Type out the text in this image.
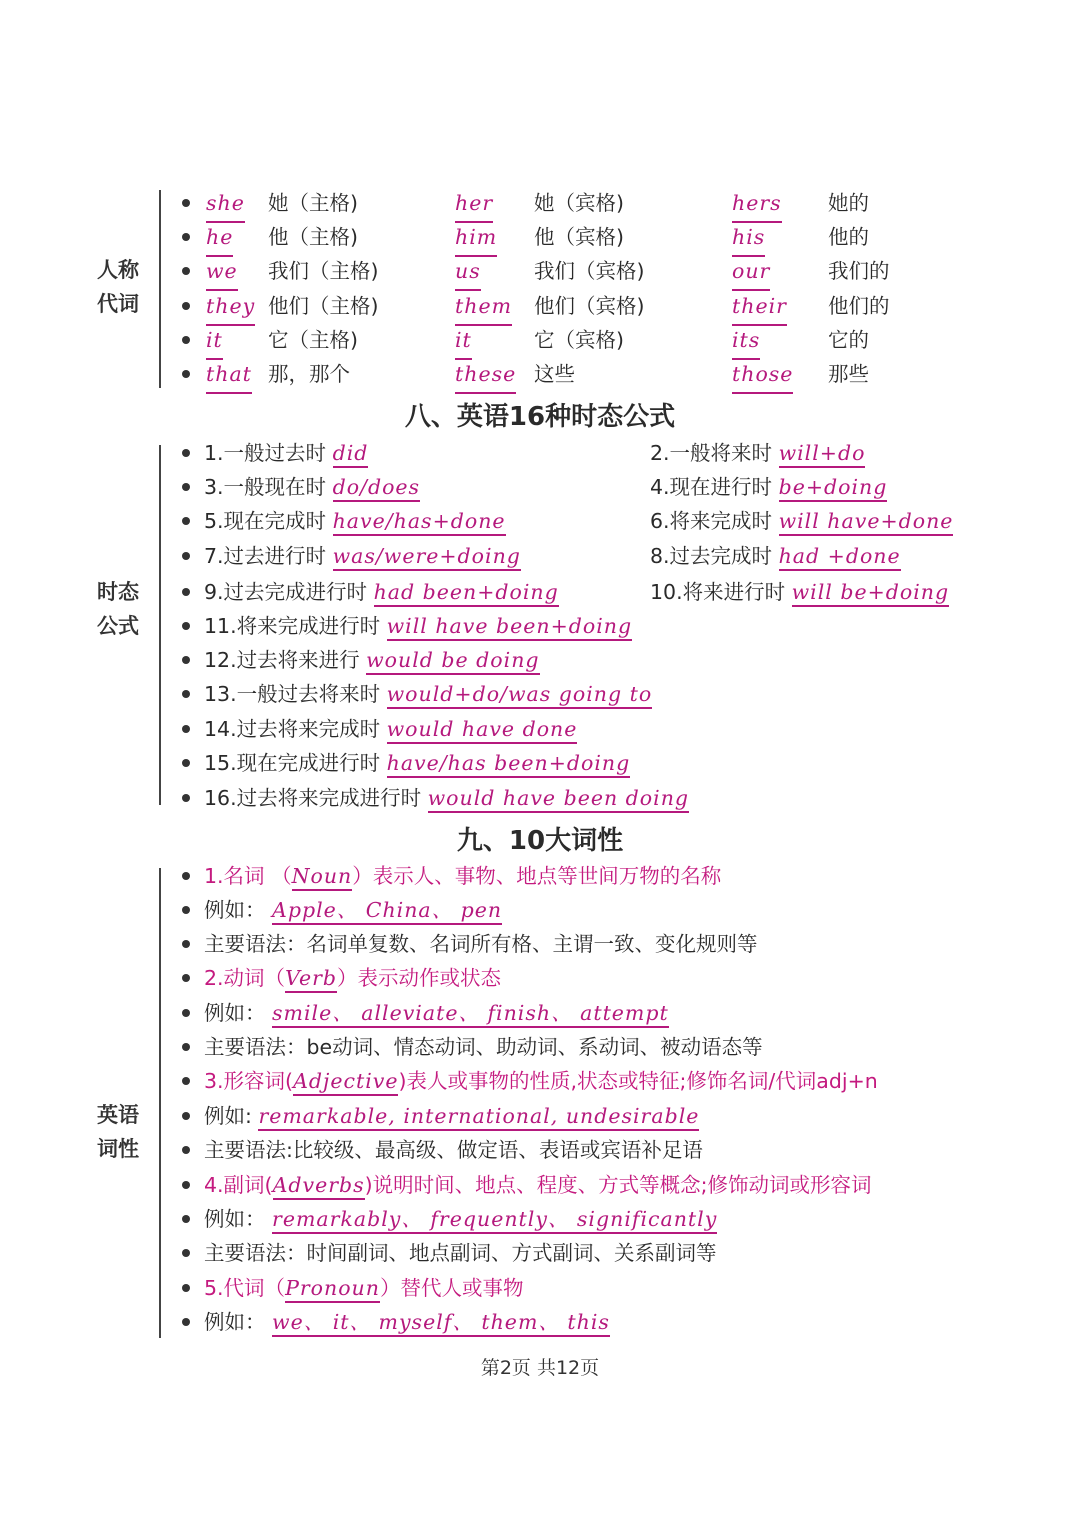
人称
代词
八、英语16种时态公式
时态
公式
九、10大词性
英语
词性
she 她（主格)	her 她（宾格)	hers 她的
he 他（主格)	him 他（宾格)	his	他的
we 我们（主格)	us	我们（宾格)	our	我们的
they 他们（主格)	them 他们（宾格)	their 他们的
it 它（主格)	it	它（宾格)	its	它的
that 那，那个	these 这些	those 那些
1.一般过去时 did	2.一般将来时 will+do
3.一般现在时 do/does	4.现在进行时 be+doing
5.现在完成时 have/has+done	6.将来完成时 will have+done
7.过去进行时 was/were+doing	8.过去完成时 had +done
9.过去完成进行时 had been+doing	10.将来进行时 will be+doing
11.将来完成进行时 will have been+doing
12.过去将来进行 would be doing
13.一般过去将来时 would+do/was going to
14.过去将来完成时 would have done
15.现在完成进行时 have/has been+doing
16.过去将来完成进行时 would have been doing
1.名词 （Noun）表示人、事物、地点等世间万物的名称
例如： Apple、 China、 pen
主要语法：名词单复数、名词所有格、主谓一致、变化规则等
2.动词（Verb）表示动作或状态
例如： smile、 alleviate、 finish、 attempt
主要语法：be动词、情态动词、助动词、系动词、被动语态等
3.形容词(Adjective)表人或事物的性质,状态或特征;修饰名词/代词adj+n
例如: remarkable, international, undesirable
主要语法:比较级、最高级、做定语、表语或宾语补足语
4.副词(Adverbs)说明时间、地点、程度、方式等概念;修饰动词或形容词
例如： remarkably、 frequently、 significantly
主要语法：时间副词、地点副词、方式副词、关系副词等
5.代词（Pronoun）替代人或事物
例如： we、 it、 myself、 them、 this
第2页 共12页
